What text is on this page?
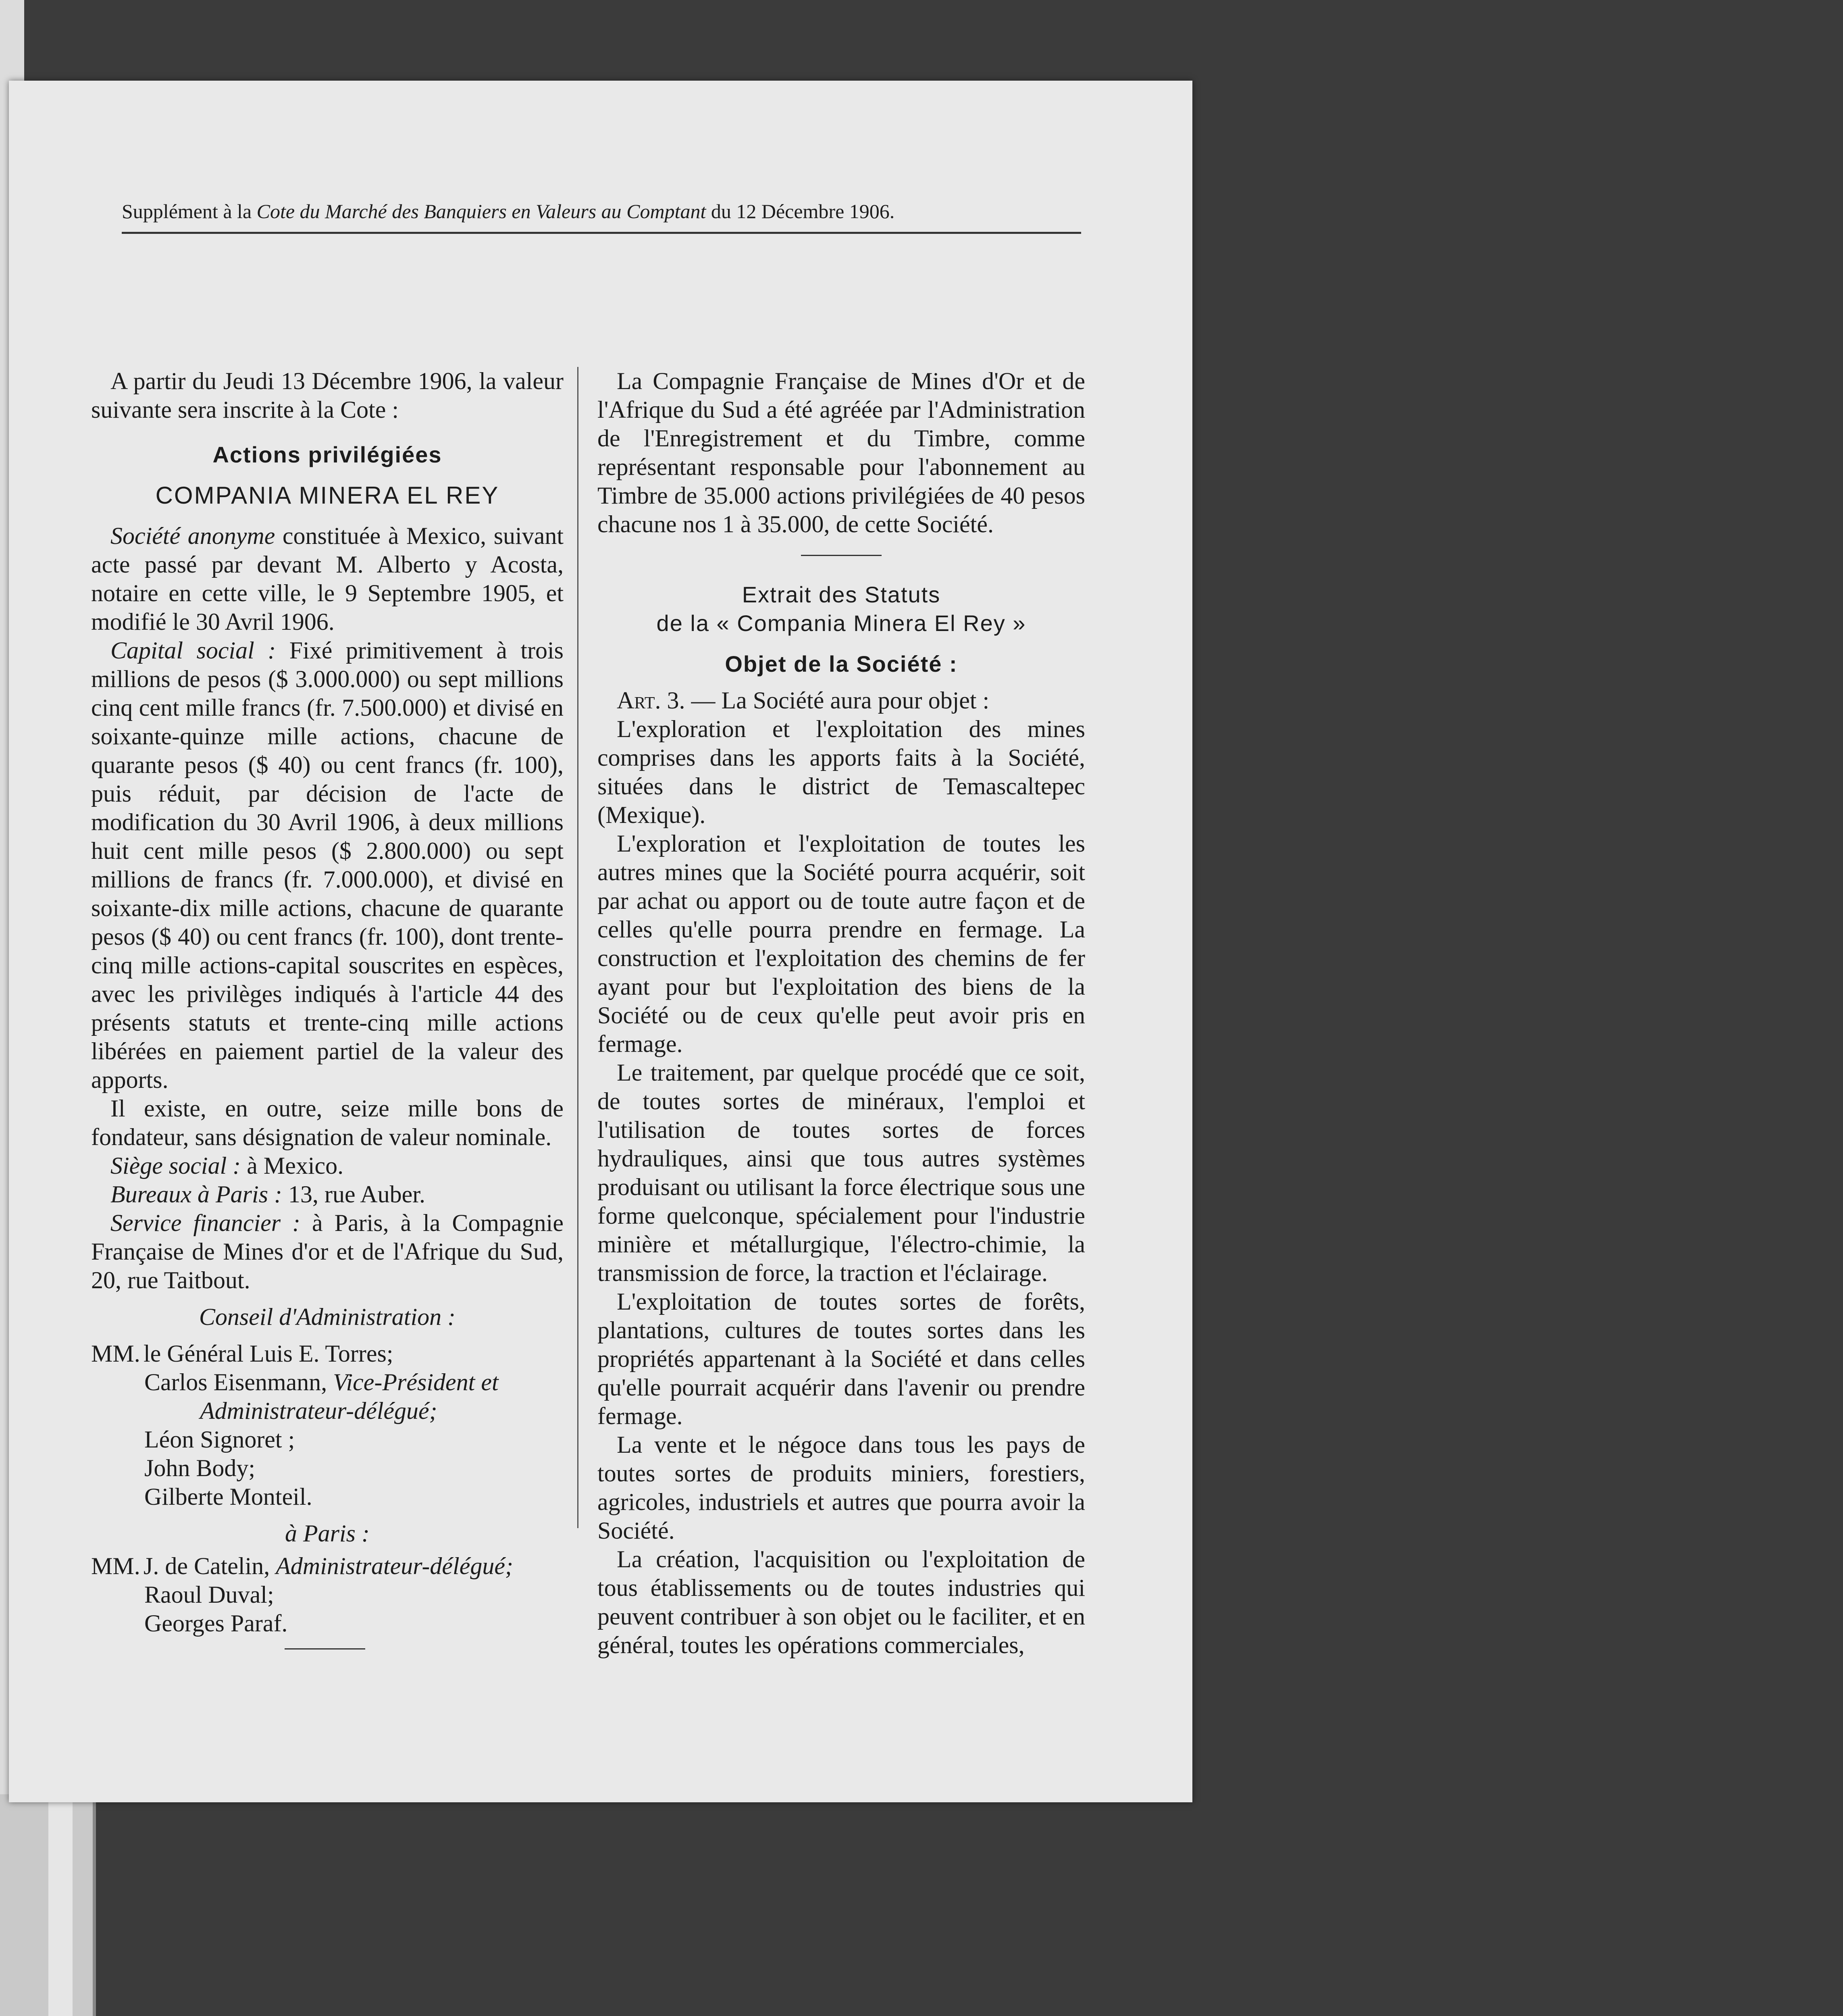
Supplément à la Cote du Marché des Banquiers en Valeurs au Comptant du 12 Décembre 1906.

A partir du Jeudi 13 Décembre 1906, la valeur suivante sera inscrite à la Cote :

Actions privilégiées

COMPANIA MINERA EL REY

Société anonyme constituée à Mexico, suivant acte passé par devant M. Alberto y Acosta, notaire en cette ville, le 9 Septembre 1905, et modifié le 30 Avril 1906.

Capital social : Fixé primitivement à trois millions de pesos ($ 3.000.000) ou sept millions cinq cent mille francs (fr. 7.500.000) et divisé en soixante-quinze mille actions, chacune de quarante pesos ($ 40) ou cent francs (fr. 100), puis réduit, par décision de l'acte de modification du 30 Avril 1906, à deux millions huit cent mille pesos ($ 2.800.000) ou sept millions de francs (fr. 7.000.000), et divisé en soixante-dix mille actions, chacune de quarante pesos ($ 40) ou cent francs (fr. 100), dont trente-cinq mille actions-capital souscrites en espèces, avec les privilèges indiqués à l'article 44 des présents statuts et trente-cinq mille actions libérées en paiement partiel de la valeur des apports.

Il existe, en outre, seize mille bons de fondateur, sans désignation de valeur nominale.

Siège social : à Mexico.

Bureaux à Paris : 13, rue Auber.

Service financier : à Paris, à la Compagnie Française de Mines d'or et de l'Afrique du Sud, 20, rue Taitbout.

Conseil d'Administration :

MM. le Général Luis E. Torres;

Carlos Eisenmann, Vice-Président et

Administrateur-délégué;

Léon Signoret ;

John Body;

Gilberte Monteil.

à Paris :

MM. J. de Catelin, Administrateur-délégué;

Raoul Duval;

Georges Paraf.

La Compagnie Française de Mines d'Or et de l'Afrique du Sud a été agréée par l'Administration de l'Enregistrement et du Timbre, comme représentant responsable pour l'abonnement au Timbre de 35.000 actions privilégiées de 40 pesos chacune nos 1 à 35.000, de cette Société.

Extrait des Statuts

de la « Compania Minera El Rey »

Objet de la Société :

Art. 3. — La Société aura pour objet :

L'exploration et l'exploitation des mines comprises dans les apports faits à la Société, situées dans le district de Temascaltepec (Mexique).

L'exploration et l'exploitation de toutes les autres mines que la Société pourra acquérir, soit par achat ou apport ou de toute autre façon et de celles qu'elle pourra prendre en fermage. La construction et l'exploitation des chemins de fer ayant pour but l'exploitation des biens de la Société ou de ceux qu'elle peut avoir pris en fermage.

Le traitement, par quelque procédé que ce soit, de toutes sortes de minéraux, l'emploi et l'utilisation de toutes sortes de forces hydrauliques, ainsi que tous autres systèmes produisant ou utilisant la force électrique sous une forme quelconque, spécialement pour l'industrie minière et métallurgique, l'électro-chimie, la transmission de force, la traction et l'éclairage.

L'exploitation de toutes sortes de forêts, plantations, cultures de toutes sortes dans les propriétés appartenant à la Société et dans celles qu'elle pourrait acquérir dans l'avenir ou prendre fermage.

La vente et le négoce dans tous les pays de toutes sortes de produits miniers, forestiers, agricoles, industriels et autres que pourra avoir la Société.

La création, l'acquisition ou l'exploitation de tous établissements ou de toutes industries qui peuvent contribuer à son objet ou le faciliter, et en général, toutes les opérations commerciales,
